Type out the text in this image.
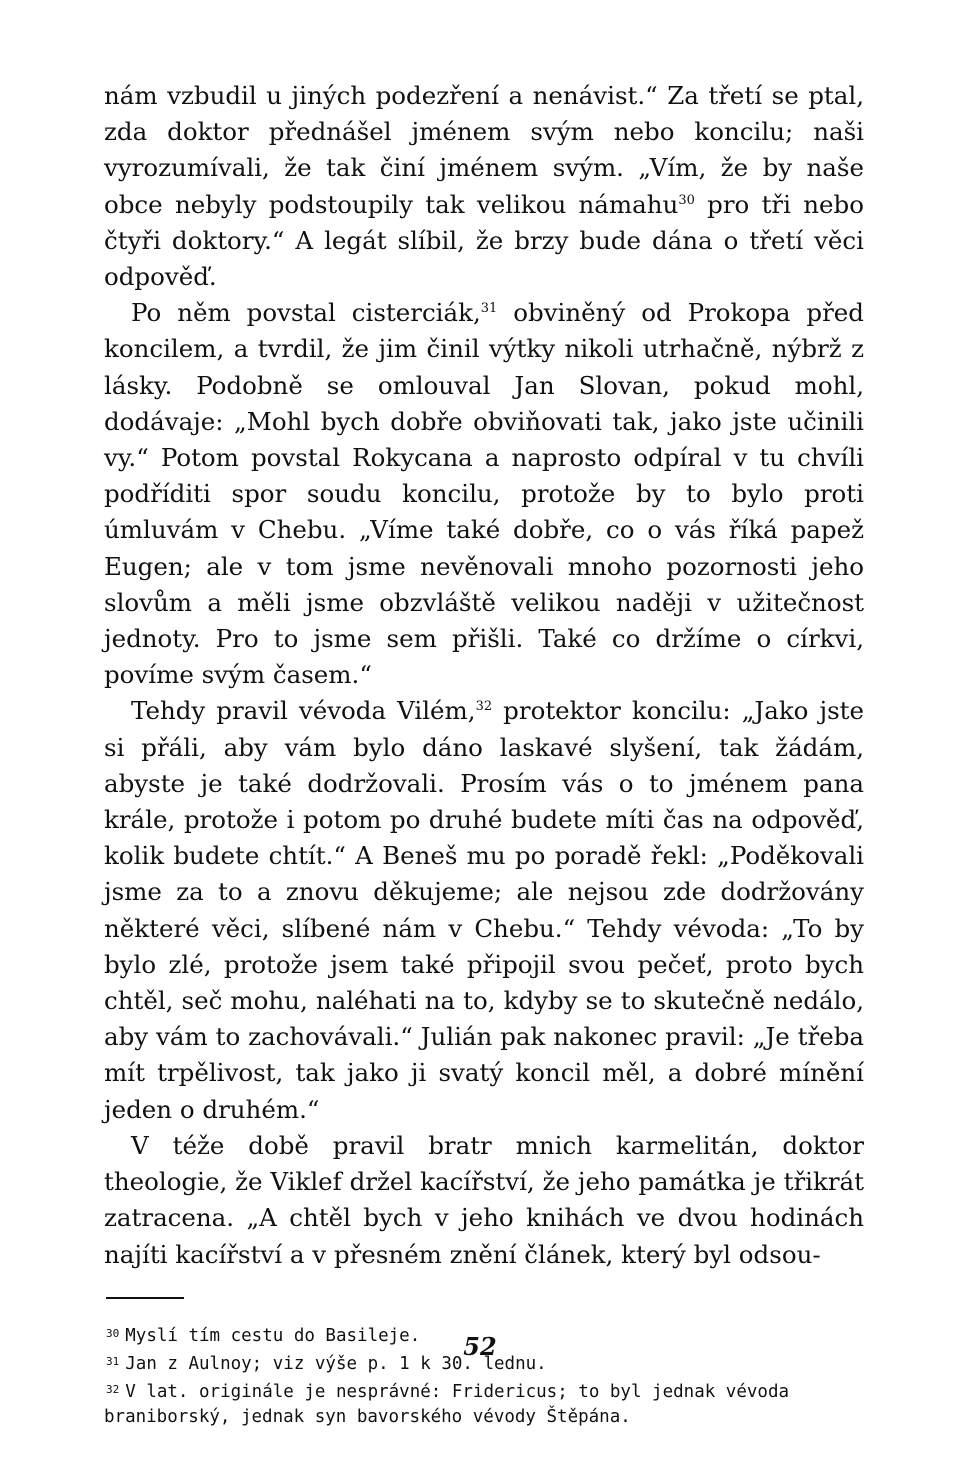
nám vzbudil u jiných podezření a nenávist.“ Za třetí se ptal, zda doktor přednášel jménem svým nebo koncilu; naši vyrozumívali, že tak činí jménem svým. „Vím, že by naše obce nebyly podstoupily tak velikou námahu$^{30}$ pro tři nebo čtyři doktory.“ A legát slíbil, že brzy bude dána o třetí věci odpověď.

Po něm povstal cisterciák,$^{31}$ obviněný od Prokopa před koncilem, a tvrdil, že jim činil výtky nikoli utrhačně, nýbrž z lásky. Podobně se omlouval Jan Slovan, pokud mohl, dodávaje: „Mohl bych dobře obviňovati tak, jako jste učinili vy.“ Potom povstal Rokycana a naprosto odpíral v tu chvíli podříditi spor soudu koncilu, protože by to bylo proti úmluvám v Chebu. „Víme také dobře, co o vás říká papež Eugen; ale v tom jsme nevěnovali mnoho pozornosti jeho slovům a měli jsme obzvláště velikou naději v užitečnost jednoty. Pro to jsme sem přišli. Také co držíme o církvi, povíme svým časem.“

Tehdy pravil vévoda Vilém,$^{32}$ protektor koncilu: „Jako jste si přáli, aby vám bylo dáno laskavé slyšení, tak žádám, abyste je také dodržovali. Prosím vás o to jménem pana krále, protože i potom po druhé budete míti čas na odpověď, kolik budete chtít.“ A Beneš mu po poradě řekl: „Poděkovali jsme za to a znovu děkujeme; ale nejsou zde dodržovány některé věci, slíbené nám v Chebu.“ Tehdy vévoda: „To by bylo zlé, protože jsem také připojil svou pečeť, proto bych chtěl, seč mohu, naléhati na to, kdyby se to skutečně nedálo, aby vám to zachovávali.“ Julián pak nakonec pravil: „Je třeba mít trpělivost, tak jako ji svatý koncil měl, a dobré mínění jeden o druhém.“

V téže době pravil bratr mnich karmelitán, doktor theologie, že Viklef držel kacířství, že jeho památka je třikrát zatracena. „A chtěl bych v jeho knihách ve dvou hodinách najíti kacířství a v přesném znění článek, který byl odsou-

$^{30}$ Myslí tím cestu do Basileje.

$^{31}$ Jan z Aulnoy; viz výše p. 1 k 30. lednu.

$^{32}$ V lat. originále je nesprávné: Fridericus; to byl jednak vévoda braniborský, jednak syn bavorského vévody Štěpána.

52
